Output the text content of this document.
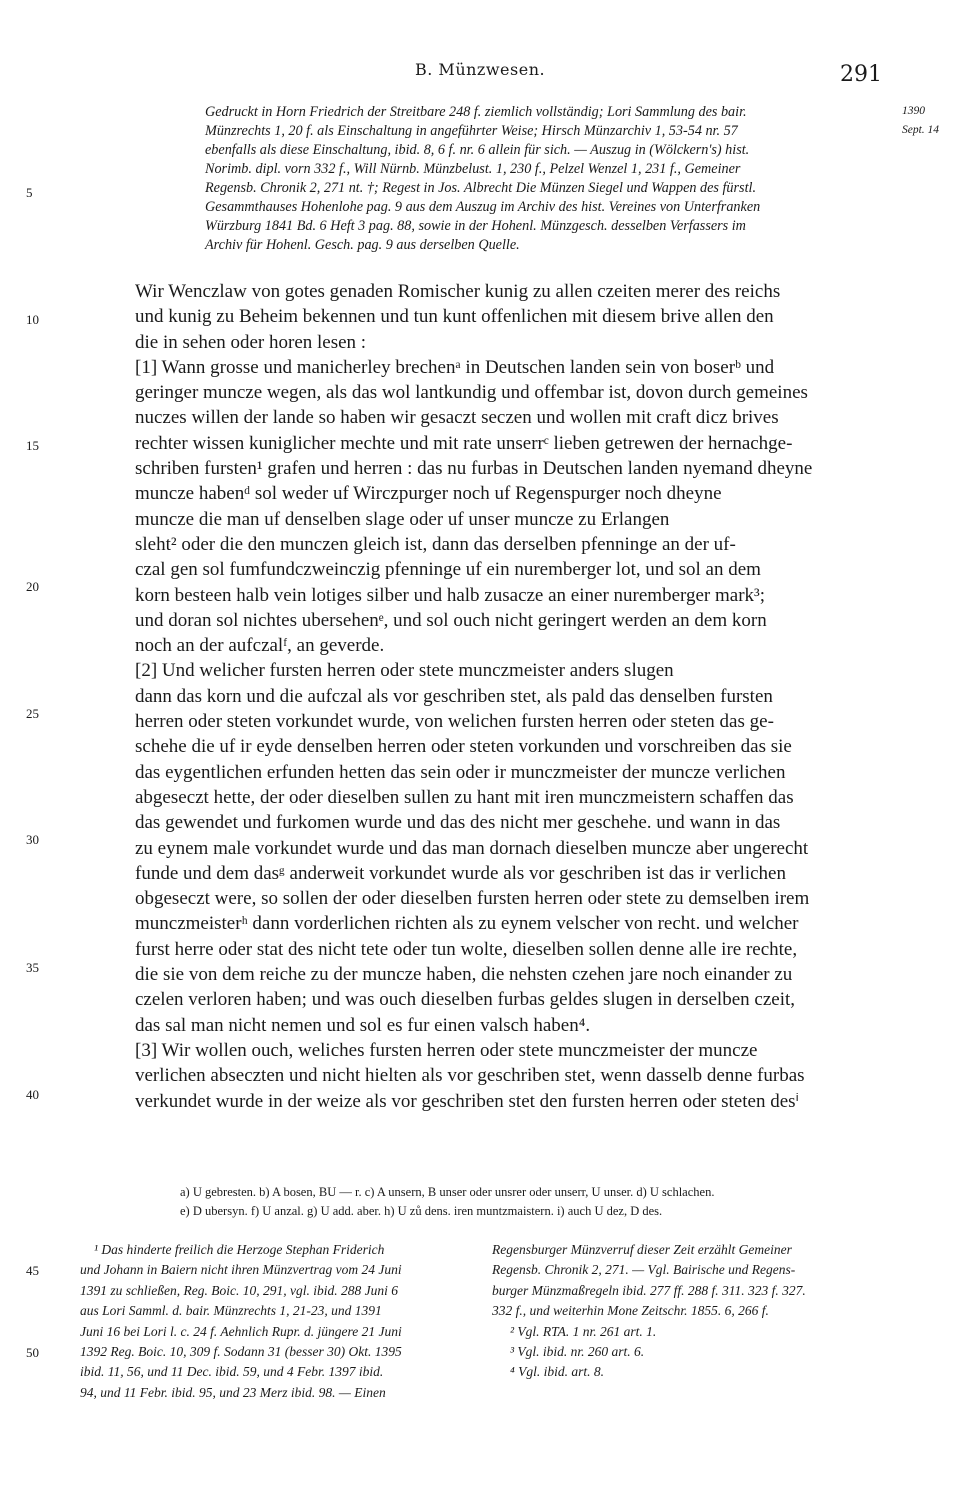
B. Münzwesen.	291
1390
Sept. 14
Gedruckt in Horn Friedrich der Streitbare 248 f. ziemlich vollständig; Lori Sammlung des bair.
Münzrechts 1, 20 f. als Einschaltung in angeführter Weise; Hirsch Münzarchiv 1, 53-54 nr. 57
ebenfalls als diese Einschaltung, ibid. 8, 6 f. nr. 6 allein für sich. — Auszug in (Wölckern's) hist.
Norimb. dipl. vorn 332 f., Will Nürnb. Münzbelust. 1, 230 f., Pelzel Wenzel 1, 231 f., Gemeiner
Regensb. Chronik 2, 271 nt. †; Regest in Jos. Albrecht Die Münzen Siegel und Wappen des fürstl.
Gesammthauses Hohenlohe pag. 9 aus dem Auszug im Archiv des hist. Vereines von Unterfranken
Würzburg 1841 Bd. 6 Heft 3 pag. 88, sowie in der Hohenl. Münzgesch. desselben Verfassers im
Archiv für Hohenl. Gesch. pag. 9 aus derselben Quelle.
5
10
15
20
25
30
35
40
45
50
Wir Wenczlaw von gotes genaden Romischer kunig zu allen czeiten merer des reichs
und kunig zu Beheim bekennen und tun kunt offenlichen mit diesem brive allen den
die in sehen oder horen lesen :
[1] Wann grosse und manicherley brechenᵃ in Deutschen landen sein von boserᵇ und
geringer muncze wegen, als das wol lantkundig und offembar ist, dovon durch gemeines
nuczes willen der lande so haben wir gesaczt seczen und wollen mit craft dicz brives
rechter wissen kuniglicher mechte und mit rate unserrᶜ lieben getrewen der hernachge-
schriben fursten¹ grafen und herren : das nu furbas in Deutschen landen nyemand dheyne
muncze habenᵈ sol weder uf Wirczpurger noch uf Regenspurger noch dheyne
muncze die man uf denselben slage oder uf unser muncze zu Erlangen
sleht² oder die den munczen gleich ist, dann das derselben pfenninge an der uf-
czal gen sol fumfundczweinczig pfenninge uf ein nuremberger lot, und sol an dem
korn besteen halb vein lotiges silber und halb zusacze an einer nuremberger mark³;
und doran sol nichtes ubersehenᵉ, und sol ouch nicht geringert werden an dem korn
noch an der aufczalᶠ, an geverde.
[2] Und welicher fursten herren oder stete munczmeister anders slugen
dann das korn und die aufczal als vor geschriben stet, als pald das denselben fursten
herren oder steten vorkundet wurde, von welichen fursten herren oder steten das ge-
schehe die uf ir eyde denselben herren oder steten vorkunden und vorschreiben das sie
das eygentlichen erfunden hetten das sein oder ir munczmeister der muncze verlichen
abgeseczt hette, der oder dieselben sullen zu hant mit iren munczmeistern schaffen das
das gewendet und furkomen wurde und das des nicht mer geschehe. und wann in das
zu eynem male vorkundet wurde und das man dornach dieselben muncze aber ungerecht
funde und dem dasᵍ anderweit vorkundet wurde als vor geschriben ist das ir verlichen
obgeseczt were, so sollen der oder dieselben fursten herren oder stete zu demselben irem
munczmeisterʰ dann vorderlichen richten als zu eynem velscher von recht. und welcher
furst herre oder stat des nicht tete oder tun wolte, dieselben sollen denne alle ire rechte,
die sie von dem reiche zu der muncze haben, die nehsten czehen jare noch einander zu
czelen verloren haben; und was ouch dieselben furbas geldes slugen in derselben czeit,
das sal man nicht nemen und sol es fur einen valsch haben⁴.
[3] Wir wollen ouch, weliches fursten herren oder stete munczmeister der muncze
verlichen abseczten und nicht hielten als vor geschriben stet, wenn dasselb denne furbas
verkundet wurde in der weize als vor geschriben stet den fursten herren oder steten desⁱ
a) U gebresten. b) A bosen, BU — r. c) A unsern, B unser oder unsrer oder unserr, U unser. d) U schlachen.
e) D ubersyn. f) U anzal. g) U add. aber. h) U zů dens. iren muntzmaistern. i) auch U dez, D des.
¹ Das hinderte freilich die Herzoge Stephan Friderich
und Johann in Baiern nicht ihren Münzvertrag vom 24 Juni
1391 zu schließen, Reg. Boic. 10, 291, vgl. ibid. 288 Juni 6
aus Lori Samml. d. bair. Münzrechts 1, 21-23, und 1391
Juni 16 bei Lori l. c. 24 f. Aehnlich Rupr. d. jüngere 21 Juni
1392 Reg. Boic. 10, 309 f. Sodann 31 (besser 30) Okt. 1395
ibid. 11, 56, und 11 Dec. ibid. 59, und 4 Febr. 1397 ibid.
94, und 11 Febr. ibid. 95, und 23 Merz ibid. 98. — Einen
Regensburger Münzverruf dieser Zeit erzählt Gemeiner
Regensb. Chronik 2, 271. — Vgl. Bairische und Regens-
burger Münzmaßregeln ibid. 277 ff. 288 f. 311. 323 f. 327.
332 f., und weiterhin Mone Zeitschr. 1855. 6, 266 f.
² Vgl. RTA. 1 nr. 261 art. 1.
³ Vgl. ibid. nr. 260 art. 6.
⁴ Vgl. ibid. art. 8.
